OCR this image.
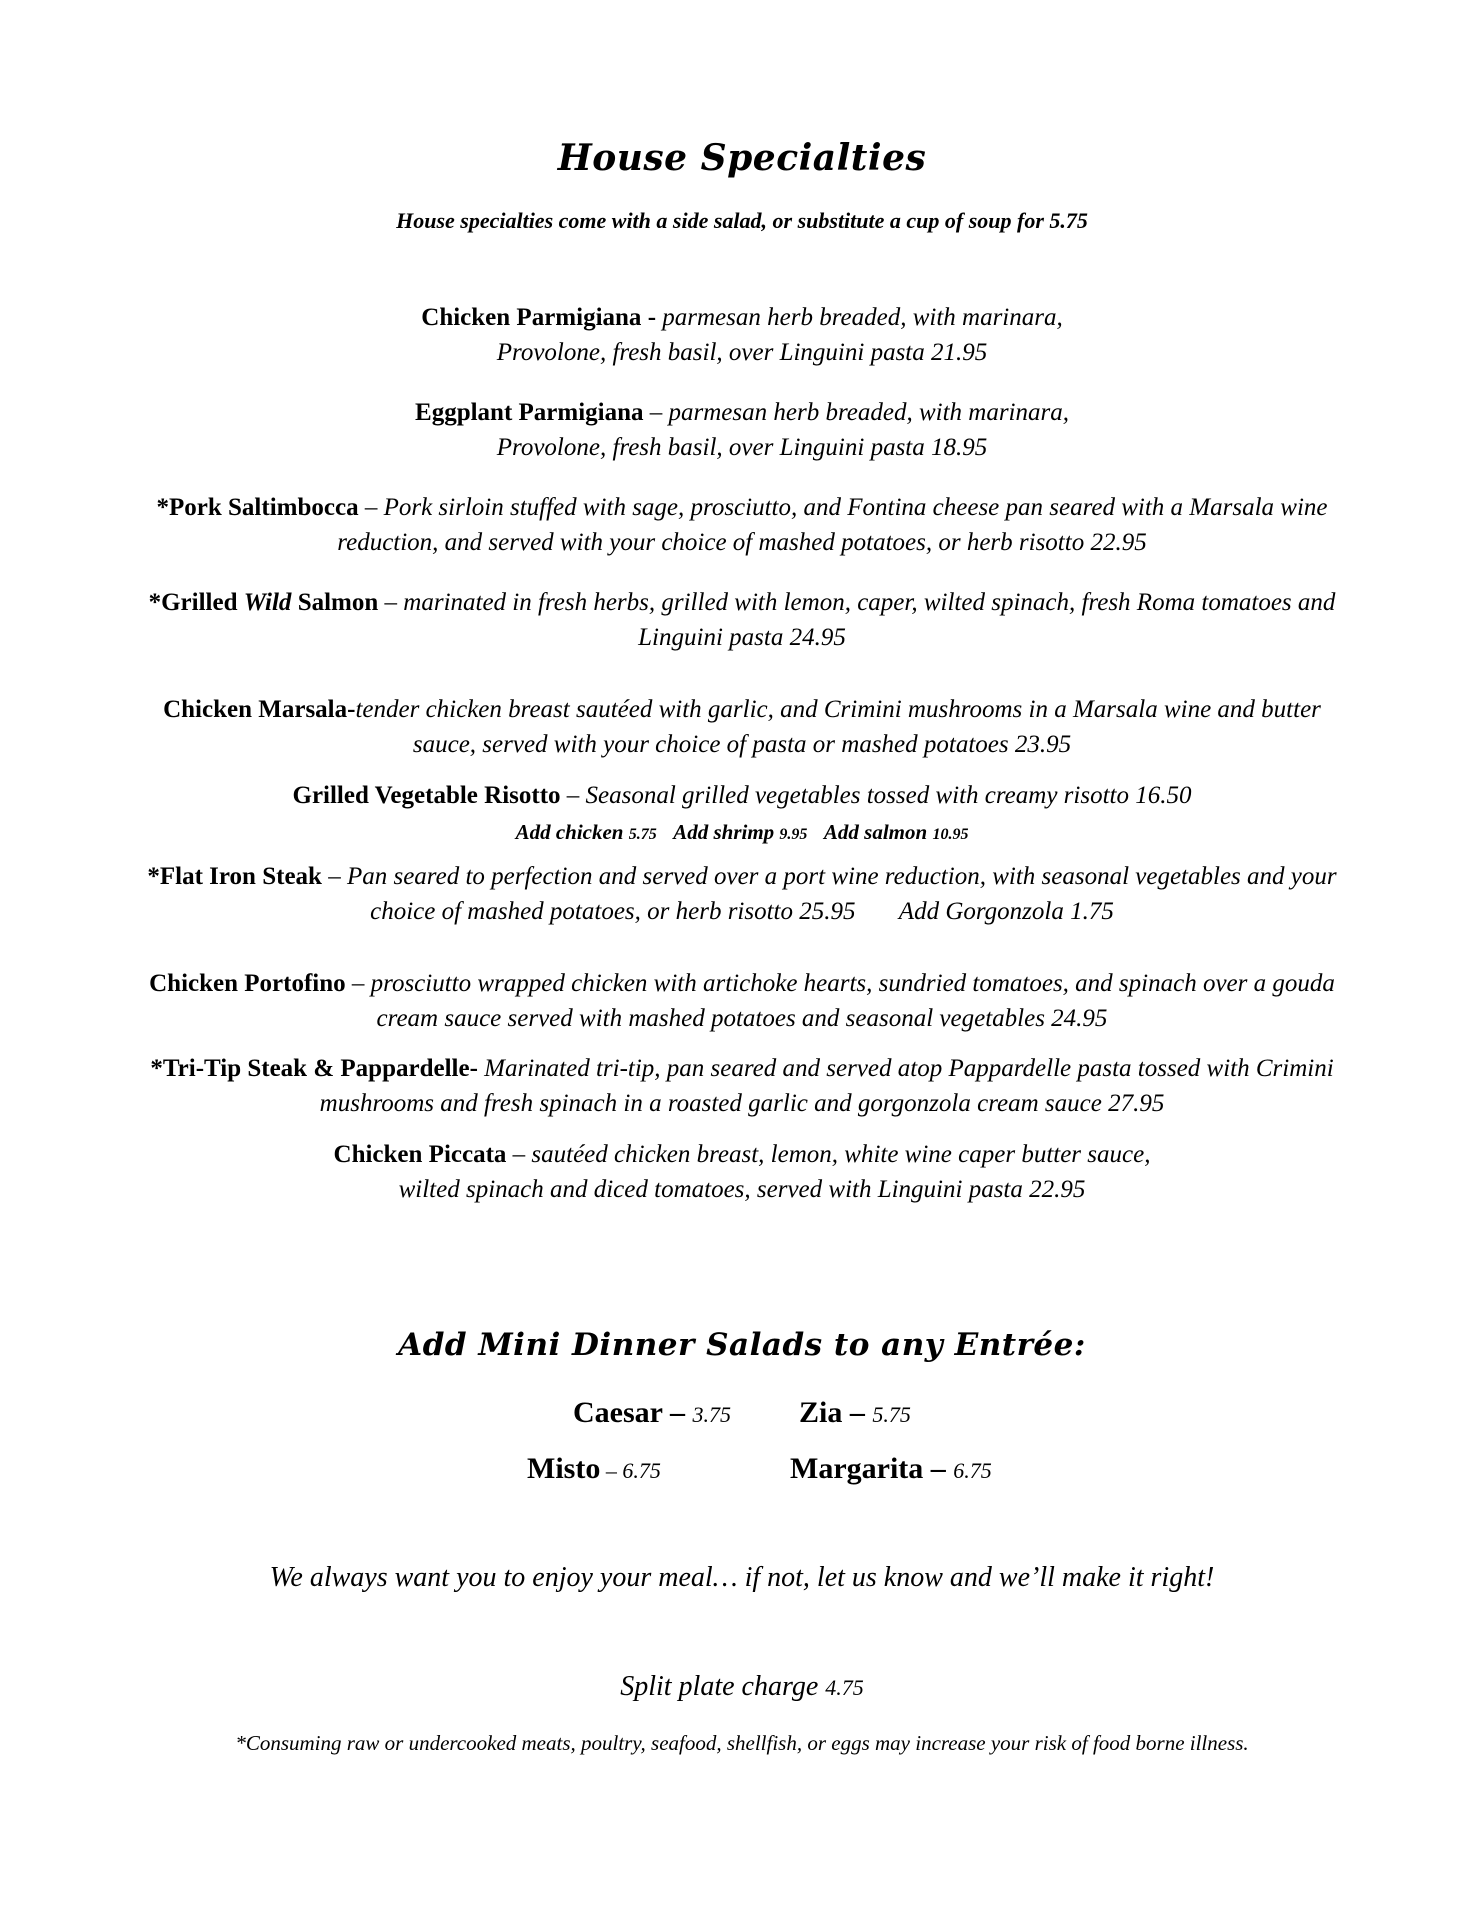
House Specialties
House specialties come with a side salad, or substitute a cup of soup for 5.75
Chicken Parmigiana - parmesan herb breaded, with marinara,
Provolone, fresh basil, over Linguini pasta 21.95
Eggplant Parmigiana – parmesan herb breaded, with marinara,
Provolone, fresh basil, over Linguini pasta 18.95
*Pork Saltimbocca – Pork sirloin stuffed with sage, prosciutto, and Fontina cheese pan seared with a Marsala wine
reduction, and served with your choice of mashed potatoes, or herb risotto 22.95
*Grilled Wild Salmon – marinated in fresh herbs, grilled with lemon, caper, wilted spinach, fresh Roma tomatoes and
Linguini pasta 24.95
Chicken Marsala-tender chicken breast sautéed with garlic, and Crimini mushrooms in a Marsala wine and butter
sauce, served with your choice of pasta or mashed potatoes 23.95
Grilled Vegetable Risotto – Seasonal grilled vegetables tossed with creamy risotto 16.50
Add chicken 5.75 Add shrimp 9.95 Add salmon 10.95
*Flat Iron Steak – Pan seared to perfection and served over a port wine reduction, with seasonal vegetables and your
choice of mashed potatoes, or herb risotto 25.95       Add Gorgonzola 1.75
Chicken Portofino – prosciutto wrapped chicken with artichoke hearts, sundried tomatoes, and spinach over a gouda
cream sauce served with mashed potatoes and seasonal vegetables 24.95
*Tri-Tip Steak & Pappardelle- Marinated tri-tip, pan seared and served atop Pappardelle pasta tossed with Crimini
mushrooms and fresh spinach in a roasted garlic and gorgonzola cream sauce 27.95
Chicken Piccata – sautéed chicken breast, lemon, white wine caper butter sauce,
wilted spinach and diced tomatoes, served with Linguini pasta 22.95
Add Mini Dinner Salads to any Entrée:
Caesar – 3.75 Zia – 5.75
Misto – 6.75	Margarita – 6.75
We always want you to enjoy your meal… if not, let us know and we’ll make it right!
Split plate charge 4.75
*Consuming raw or undercooked meats, poultry, seafood, shellfish, or eggs may increase your risk of food borne illness.
